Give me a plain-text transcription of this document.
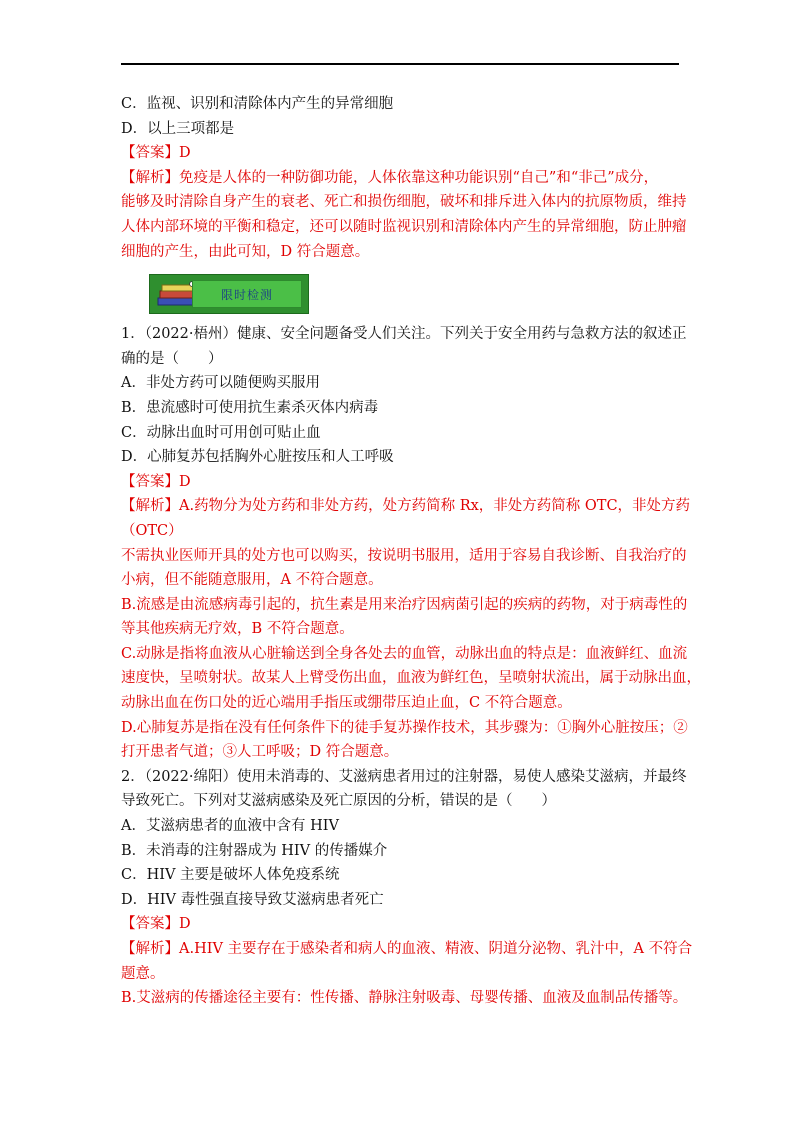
C．监视、识别和清除体内产生的异常细胞
D．以上三项都是
【答案】D
【解析】免疫是人体的一种防御功能，人体依靠这种功能识别“自己”和“非己”成分，
能够及时清除自身产生的衰老、死亡和损伤细胞，破坏和排斥进入体内的抗原物质，维持
人体内部环境的平衡和稳定，还可以随时监视识别和清除体内产生的异常细胞，防止肿瘤
细胞的产生，由此可知，D 符合题意。
限时检测
1．（2022·梧州）健康、安全问题备受人们关注。下列关于安全用药与急救方法的叙述正
确的是（　　）
A．非处方药可以随便购买服用
B．患流感时可使用抗生素杀灭体内病毒
C．动脉出血时可用创可贴止血
D．心肺复苏包括胸外心脏按压和人工呼吸
【答案】D
【解析】A.药物分为处方药和非处方药，处方药简称 Rx，非处方药简称 OTC，非处方药
（OTC）
不需执业医师开具的处方也可以购买，按说明书服用，适用于容易自我诊断、自我治疗的
小病，但不能随意服用，A 不符合题意。
B.流感是由流感病毒引起的，抗生素是用来治疗因病菌引起的疾病的药物，对于病毒性的
等其他疾病无疗效，B 不符合题意。
C.动脉是指将血液从心脏输送到全身各处去的血管，动脉出血的特点是：血液鲜红、血流
速度快，呈喷射状。故某人上臂受伤出血，血液为鲜红色，呈喷射状流出，属于动脉出血，
动脉出血在伤口处的近心端用手指压或绷带压迫止血，C 不符合题意。
D.心肺复苏是指在没有任何条件下的徒手复苏操作技术，其步骤为：①胸外心脏按压；②
打开患者气道；③人工呼吸；D 符合题意。
2．（2022·绵阳）使用未消毒的、艾滋病患者用过的注射器，易使人感染艾滋病，并最终
导致死亡。下列对艾滋病感染及死亡原因的分析，错误的是（　　）
A．艾滋病患者的血液中含有 HIV
B．未消毒的注射器成为 HIV 的传播媒介
C．HIV 主要是破坏人体免疫系统
D．HIV 毒性强直接导致艾滋病患者死亡
【答案】D
【解析】A.HIV 主要存在于感染者和病人的血液、精液、阴道分泌物、乳汁中，A 不符合
题意。
B.艾滋病的传播途径主要有：性传播、静脉注射吸毒、母婴传播、血液及血制品传播等。
